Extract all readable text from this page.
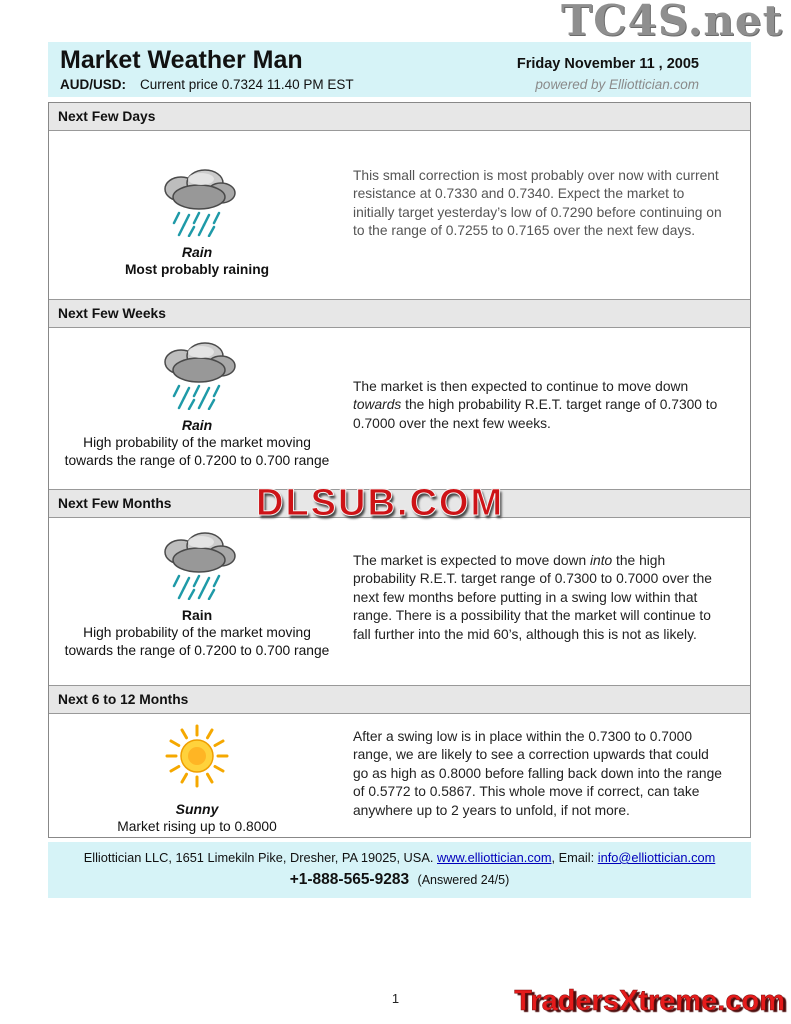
TC4S.net
Market Weather Man	Friday November 11 , 2005
AUD/USD: Current price 0.7324 11.40 PM EST	powered by Elliottician.com
Next Few Days
Rain
Most probably raining

This small correction is most probably over now with current resistance at 0.7330 and 0.7340. Expect the market to initially target yesterday’s low of 0.7290 before continuing on to the range of 0.7255 to 0.7165 over the next few days.

Next Few Weeks
Rain
High probability of the market moving towards the range of 0.7200 to 0.700 range

The market is then expected to continue to move down towards the high probability R.E.T. target range of 0.7300 to 0.7000 over the next few weeks.

Next Few Months
Rain
High probability of the market moving towards the range of 0.7200 to 0.700 range

The market is expected to move down into the high probability R.E.T. target range of 0.7300 to 0.7000 over the next few months before putting in a swing low within that range. There is a possibility that the market will continue to fall further into the mid 60’s, although this is not as likely.

Next 6 to 12 Months
Sunny
Market rising up to 0.8000

After a swing low is in place within the 0.7300 to 0.7000 range, we are likely to see a correction upwards that could go as high as 0.8000 before falling back down into the range of 0.5772 to 0.5867. This whole move if correct, can take anywhere up to 2 years to unfold, if not more.

Elliottician LLC, 1651 Limekiln Pike, Dresher, PA 19025, USA. www.elliottician.com, Email: info@elliottician.com
+1-888-565-9283 (Answered 24/5)
DLSUB.COM
1	TradersXtreme.com
